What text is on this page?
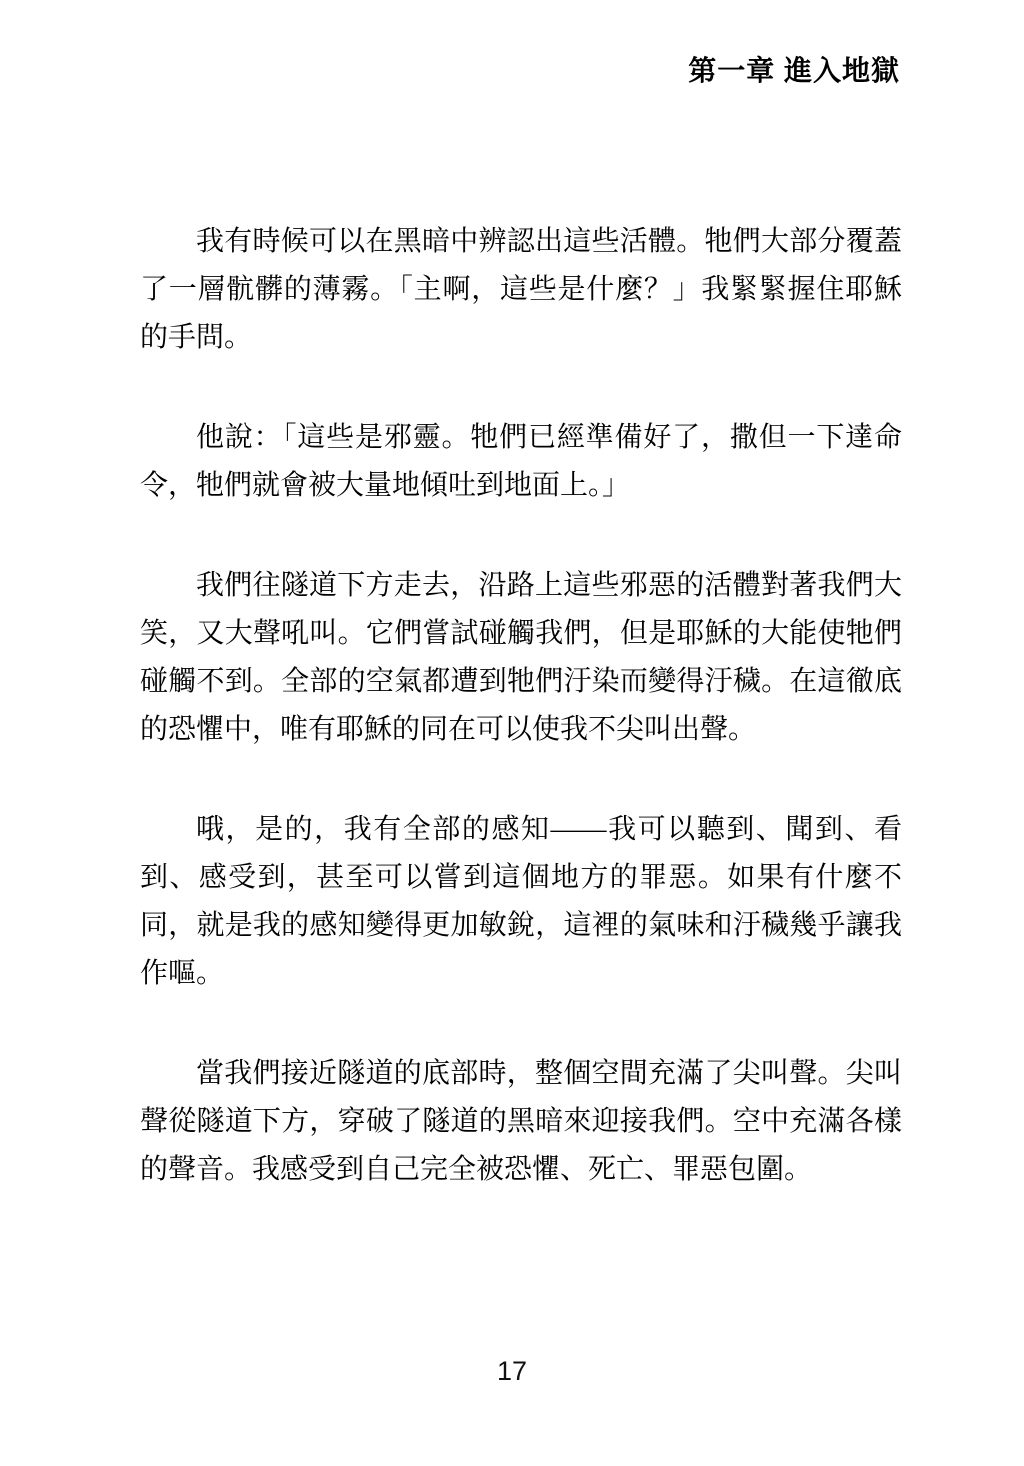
第一章 進入地獄

我有時候可以在黑暗中辨認出這些活體。牠們大部分覆蓋了一層骯髒的薄霧。「主啊，這些是什麼？」我緊緊握住耶穌的手問。

他說：「這些是邪靈。牠們已經準備好了，撒但一下達命令，牠們就會被大量地傾吐到地面上。」

我們往隧道下方走去，沿路上這些邪惡的活體對著我們大笑，又大聲吼叫。它們嘗試碰觸我們，但是耶穌的大能使牠們碰觸不到。全部的空氣都遭到牠們汙染而變得汙穢。在這徹底的恐懼中，唯有耶穌的同在可以使我不尖叫出聲。

哦，是的，我有全部的感知——我可以聽到、聞到、看到、感受到，甚至可以嘗到這個地方的罪惡。如果有什麼不同，就是我的感知變得更加敏銳，這裡的氣味和汙穢幾乎讓我作嘔。

當我們接近隧道的底部時，整個空間充滿了尖叫聲。尖叫聲從隧道下方，穿破了隧道的黑暗來迎接我們。空中充滿各樣的聲音。我感受到自己完全被恐懼、死亡、罪惡包圍。

17
